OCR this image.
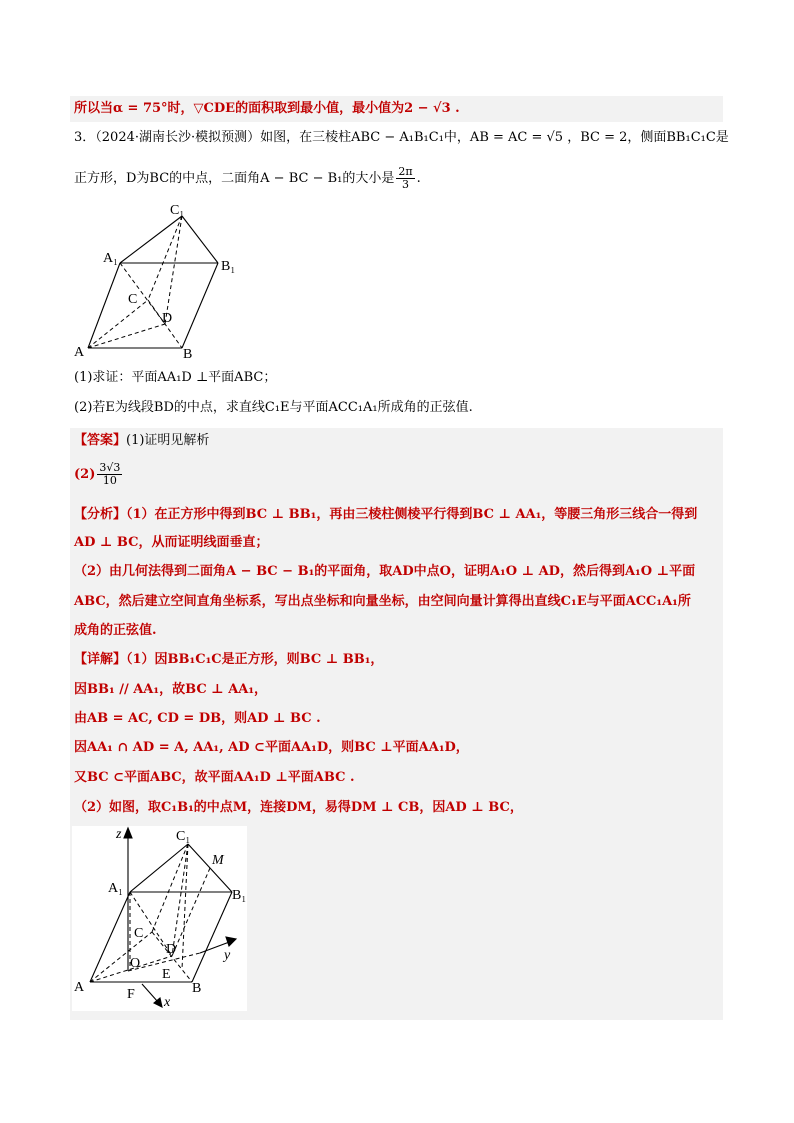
所以当α = 75°时，▽CDE的面积取到最小值，最小值为2 − √3 .
3．（2024·湖南长沙·模拟预测）如图，在三棱柱ABC − A₁B₁C₁中，AB = AC = √5 ，BC = 2，侧面BB₁C₁C是
正方形，D为BC的中点，二面角A − BC − B₁的大小是 $\frac{2\pi}{3}$ .
C₁
A₁
B₁
C
D
A	B
(1)求证：平面AA₁D ⊥平面ABC；
(2)若E为线段BD的中点，求直线C₁E与平面ACC₁A₁所成角的正弦值.
【答案】(1)证明见解析
$(2) \frac{3√3}{10}$
【分析】（1）在正方形中得到BC ⊥ BB₁，再由三棱柱侧棱平行得到BC ⊥ AA₁，等腰三角形三线合一得到
AD ⊥ BC，从而证明线面垂直；
（2）由几何法得到二面角A − BC − B₁的平面角，取AD中点O，证明A₁O ⊥ AD，然后得到A₁O ⊥平面
ABC，然后建立空间直角坐标系，写出点坐标和向量坐标，由空间向量计算得出直线C₁E与平面ACC₁A₁所
成角的正弦值.
【详解】（1）因BB₁C₁C是正方形，则BC ⊥ BB₁，
因BB₁ // AA₁，故BC ⊥ AA₁，
由AB = AC, CD = DB，则AD ⊥ BC .
因AA₁ ∩ AD = A, AA₁, AD ⊂平面AA₁D，则BC ⊥平面AA₁D，
又BC ⊂平面ABC，故平面AA₁D ⊥平面ABC .
（2）如图，取C₁B₁的中点M，连接DM，易得DM ⊥ CB，因AD ⊥ BC，
z	C₁
M
A₁	B₁
C
D	y
O
E
A	F	B
x
